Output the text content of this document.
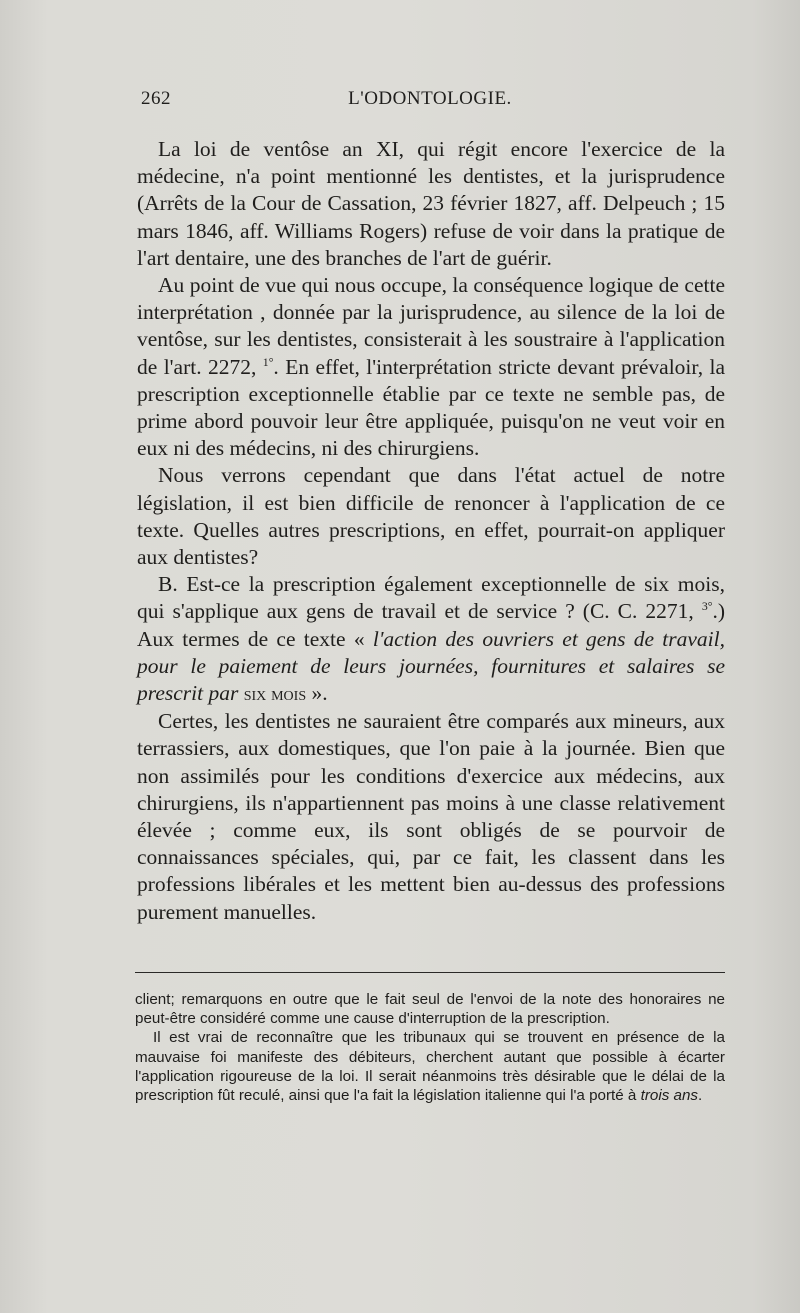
262	L'ODONTOLOGIE.

La loi de ventôse an XI, qui régit encore l'exercice de la médecine, n'a point mentionné les dentistes, et la jurisprudence (Arrêts de la Cour de Cassation, 23 février 1827, aff. Delpeuch ; 15 mars 1846, aff. Williams Rogers) refuse de voir dans la pratique de l'art dentaire, une des branches de l'art de guérir.

Au point de vue qui nous occupe, la conséquence logique de cette interprétation , donnée par la jurisprudence, au silence de la loi de ventôse, sur les dentistes, consisterait à les soustraire à l'application de l'art. 2272, $^{1^\circ}$. En effet, l'interprétation stricte devant prévaloir, la prescription exceptionnelle établie par ce texte ne semble pas, de prime abord pouvoir leur être appliquée, puisqu'on ne veut voir en eux ni des médecins, ni des chirurgiens.

Nous verrons cependant que dans l'état actuel de notre législation, il est bien difficile de renoncer à l'application de ce texte. Quelles autres prescriptions, en effet, pourrait-on appliquer aux dentistes?

B. Est-ce la prescription également exceptionnelle de six mois, qui s'applique aux gens de travail et de service ? (C. C. 2271, $^{3^\circ}$.) Aux termes de ce texte « l'action des ouvriers et gens de travail, pour le paiement de leurs journées, fournitures et salaires se prescrit par six mois ».

Certes, les dentistes ne sauraient être comparés aux mineurs, aux terrassiers, aux domestiques, que l'on paie à la journée. Bien que non assimilés pour les conditions d'exercice aux médecins, aux chirurgiens, ils n'appartiennent pas moins à une classe relativement élevée ; comme eux, ils sont obligés de se pourvoir de connaissances spéciales, qui, par ce fait, les classent dans les professions libérales et les mettent bien au-dessus des professions purement manuelles.

client; remarquons en outre que le fait seul de l'envoi de la note des honoraires ne peut-être considéré comme une cause d'interruption de la prescription.

Il est vrai de reconnaître que les tribunaux qui se trouvent en présence de la mauvaise foi manifeste des débiteurs, cherchent autant que possible à écarter l'application rigoureuse de la loi. Il serait néanmoins très désirable que le délai de la prescription fût reculé, ainsi que l'a fait la législation italienne qui l'a porté à trois ans.
